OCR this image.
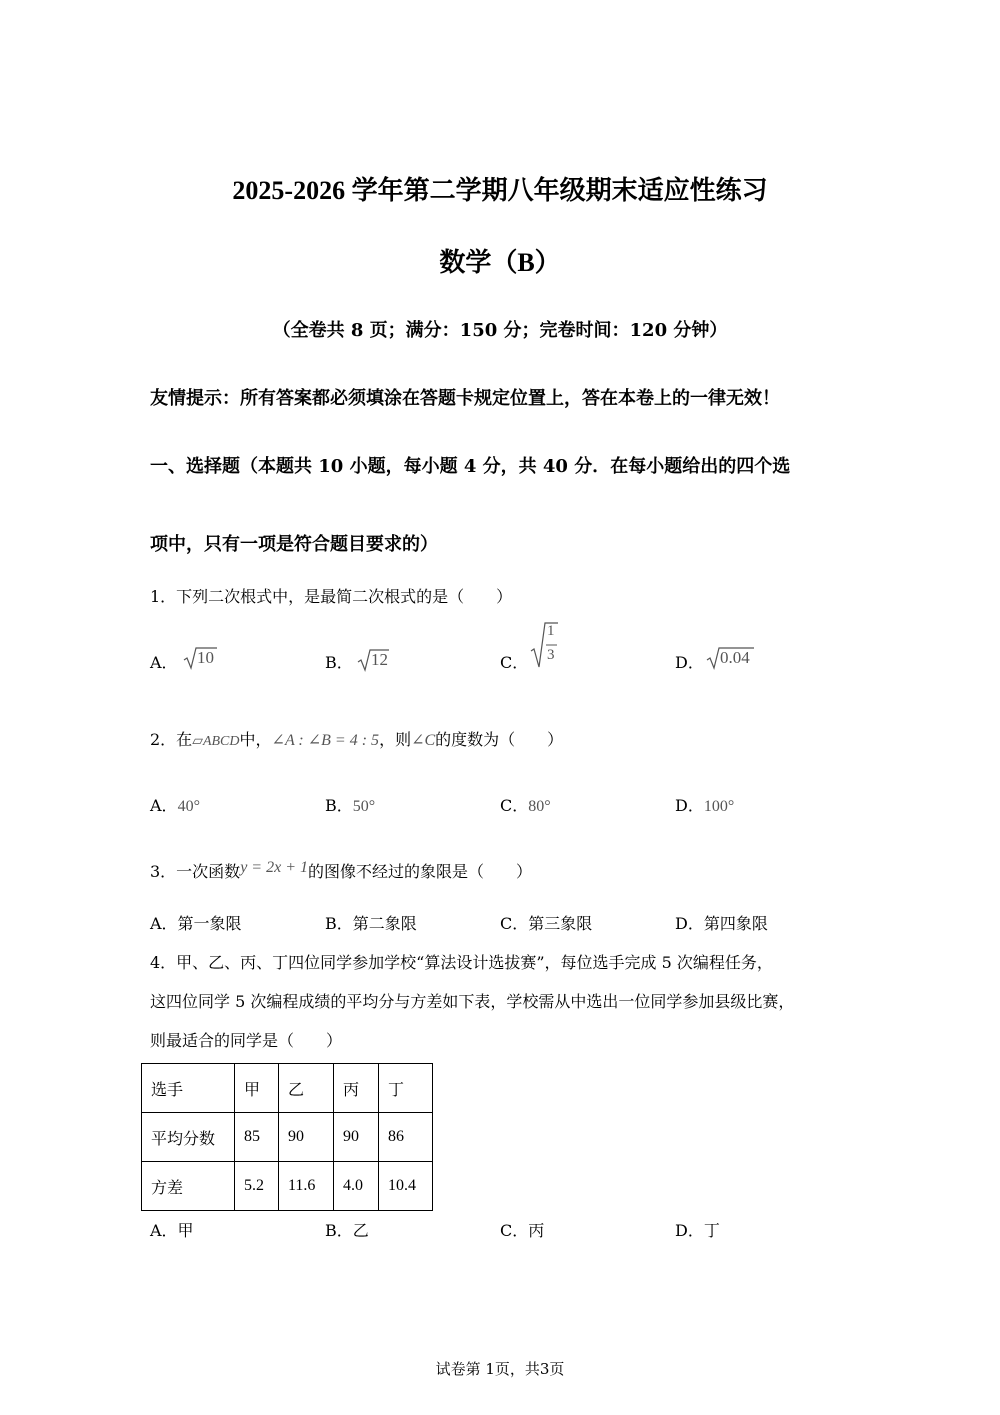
2025-2026 学年第二学期八年级期末适应性练习
数学（B）
（全卷共 8 页；满分：150 分；完卷时间：120 分钟）
友情提示：所有答案都必须填涂在答题卡规定位置上，答在本卷上的一律无效！
一、选择题（本题共 10 小题，每小题 4 分，共 40 分．在每小题给出的四个选
项中，只有一项是符合题目要求的）
1．下列二次根式中，是最简二次根式的是（　　）
A． 10	B． 12	C．
1
3	D． 0.04
2．在▱ABCD中，∠A : ∠B = 4 : 5，则∠C的度数为（　　）
A．40°	B．50°	C．80°	D．100°
3．一次函数y = 2x + 1的图像不经过的象限是（　　）
A．第一象限	B．第二象限	C．第三象限	D．第四象限
4．甲、乙、丙、丁四位同学参加学校“算法设计选拔赛”，每位选手完成 5 次编程任务，
这四位同学 5 次编程成绩的平均分与方差如下表，学校需从中选出一位同学参加县级比赛，
则最适合的同学是（　　）
选手	甲	乙	丙	丁
平均分数	85	90	90	86
方差	5.2	11.6	4.0	10.4
A．甲	B．乙	C．丙	D．丁
试卷第 1页，共3页
